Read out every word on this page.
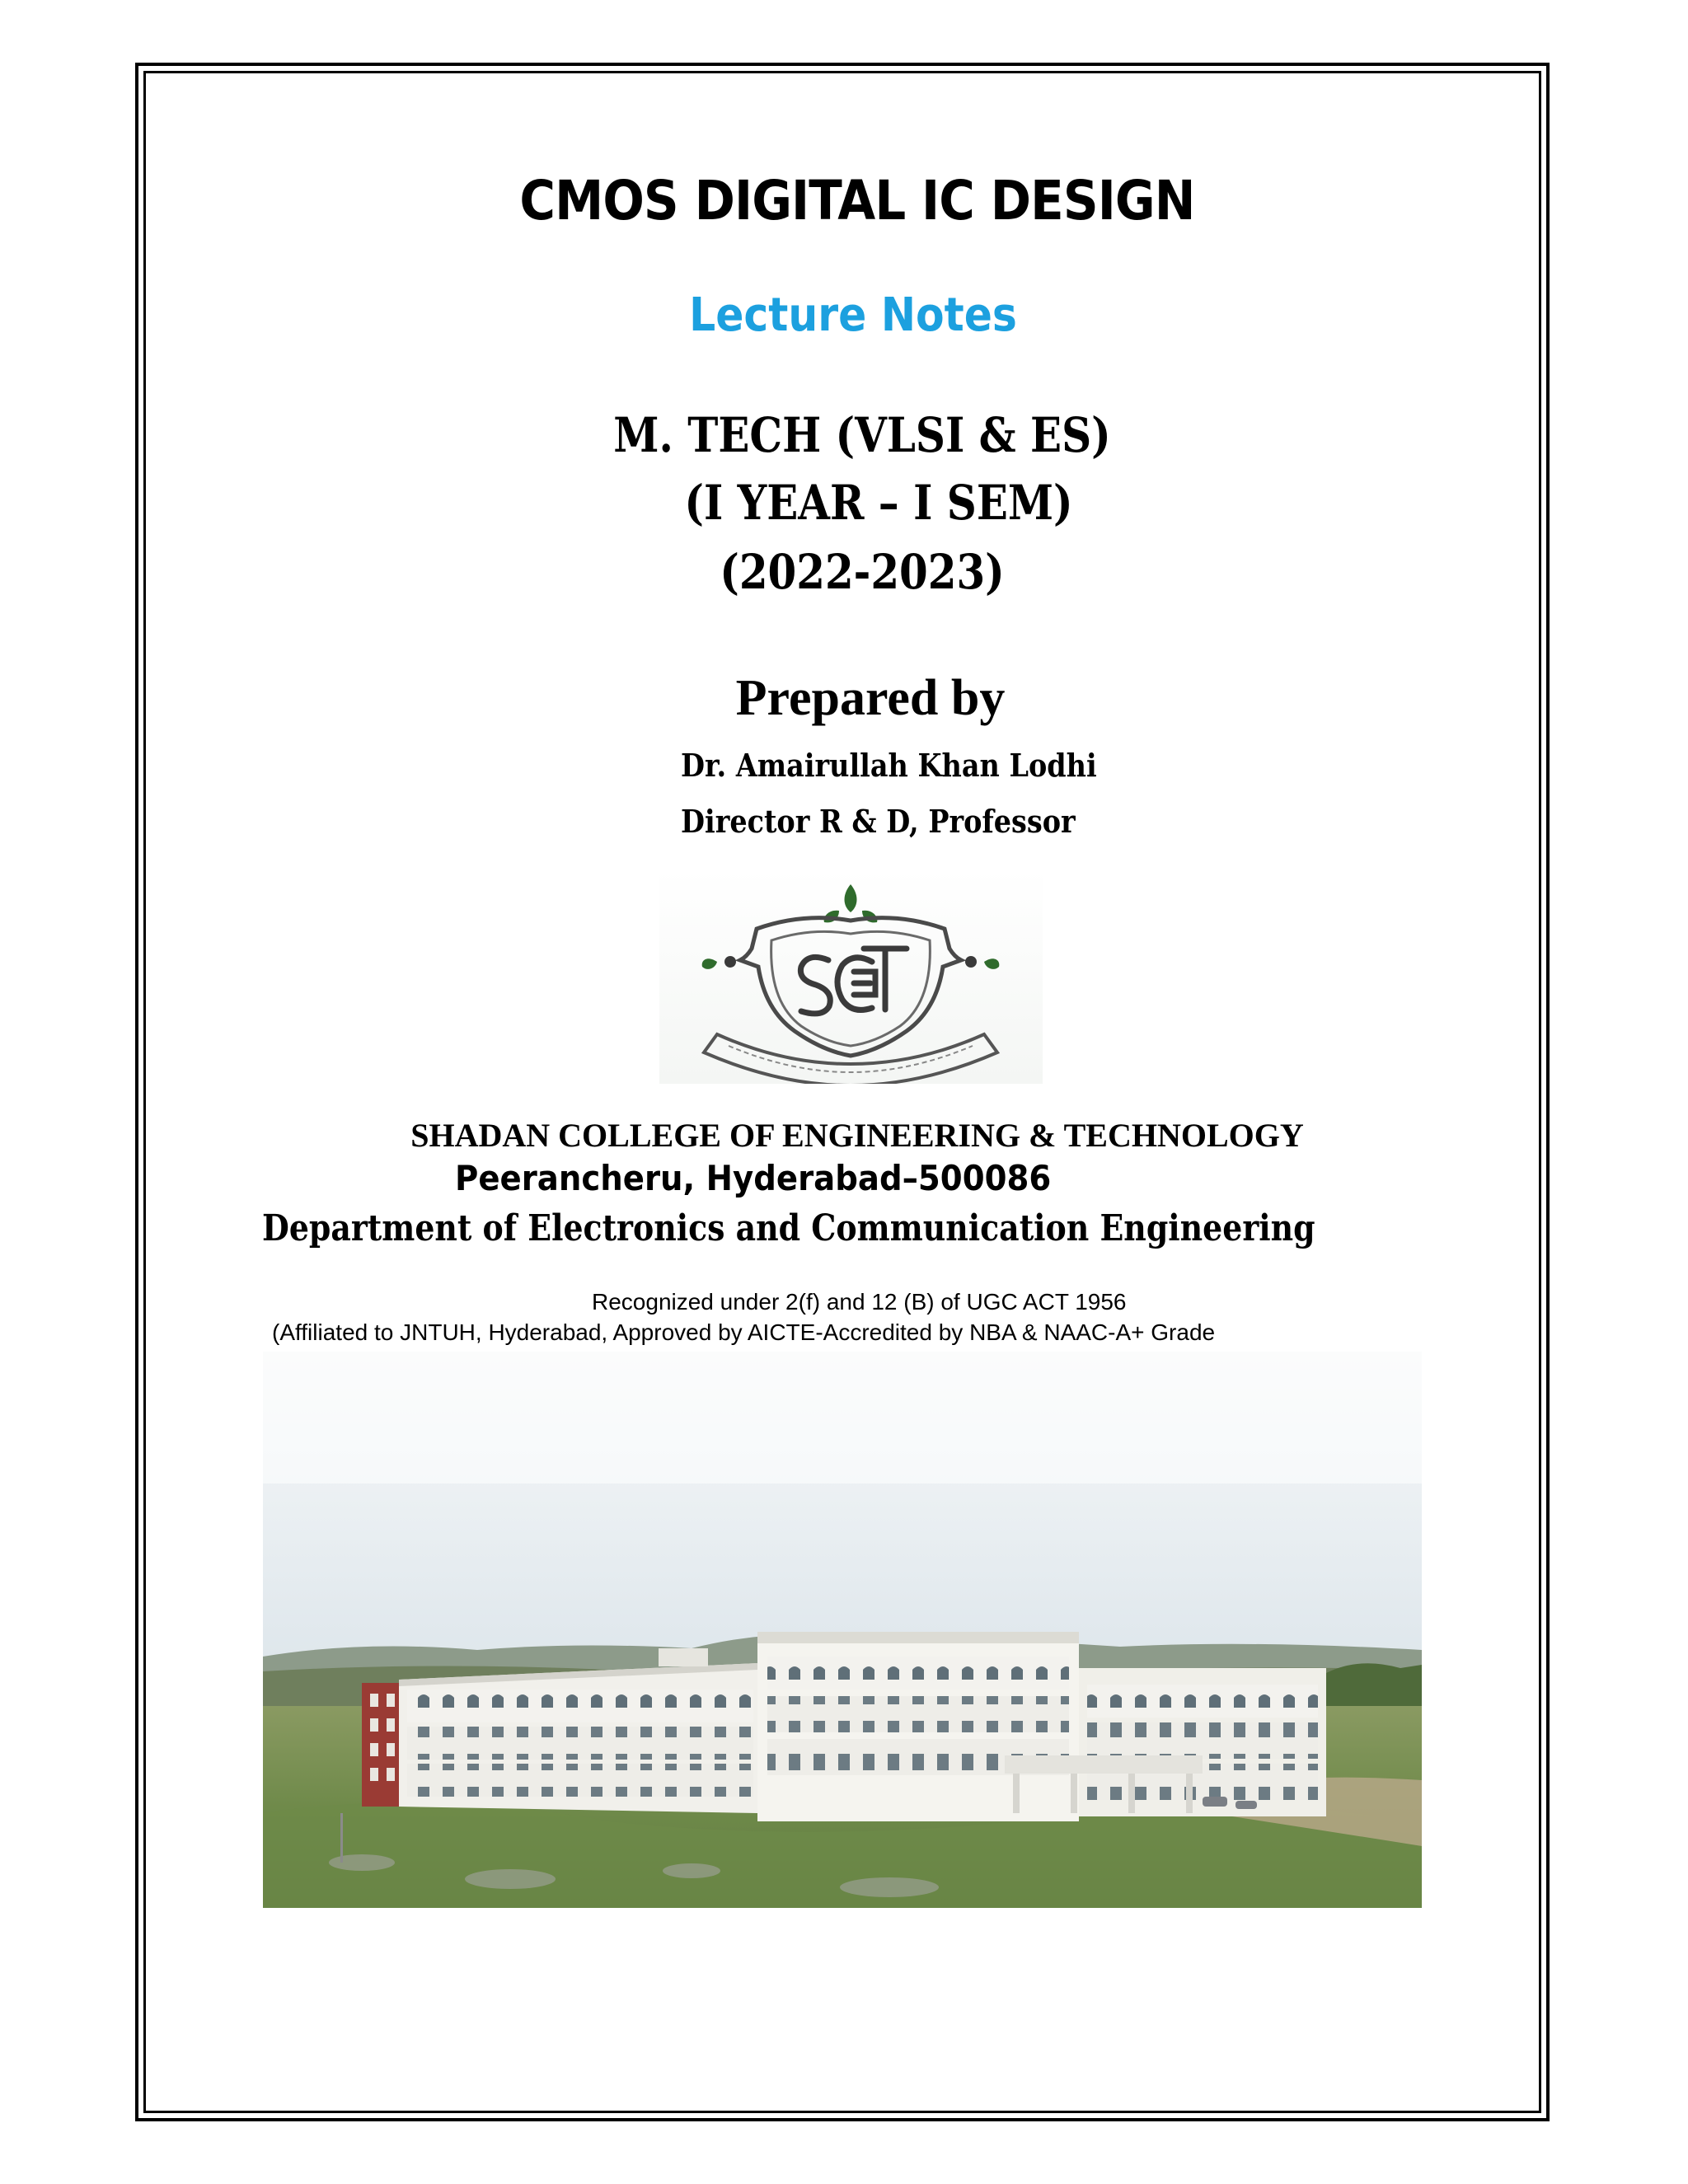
CMOS DIGITAL IC DESIGN
Lecture Notes
M. TECH (VLSI & ES)
(I YEAR – I SEM)
(2022-2023)
Prepared by
Dr. Amairullah Khan Lodhi
Director R & D, Professor
SHADAN COLLEGE OF ENGINEERING & TECHNOLOGY
Peerancheru, Hyderabad–500086
Department of Electronics and Communication Engineering
Recognized under 2(f) and 12 (B) of UGC ACT 1956
(Affiliated to JNTUH, Hyderabad, Approved by AICTE-Accredited by NBA & NAAC-A+ Grade
